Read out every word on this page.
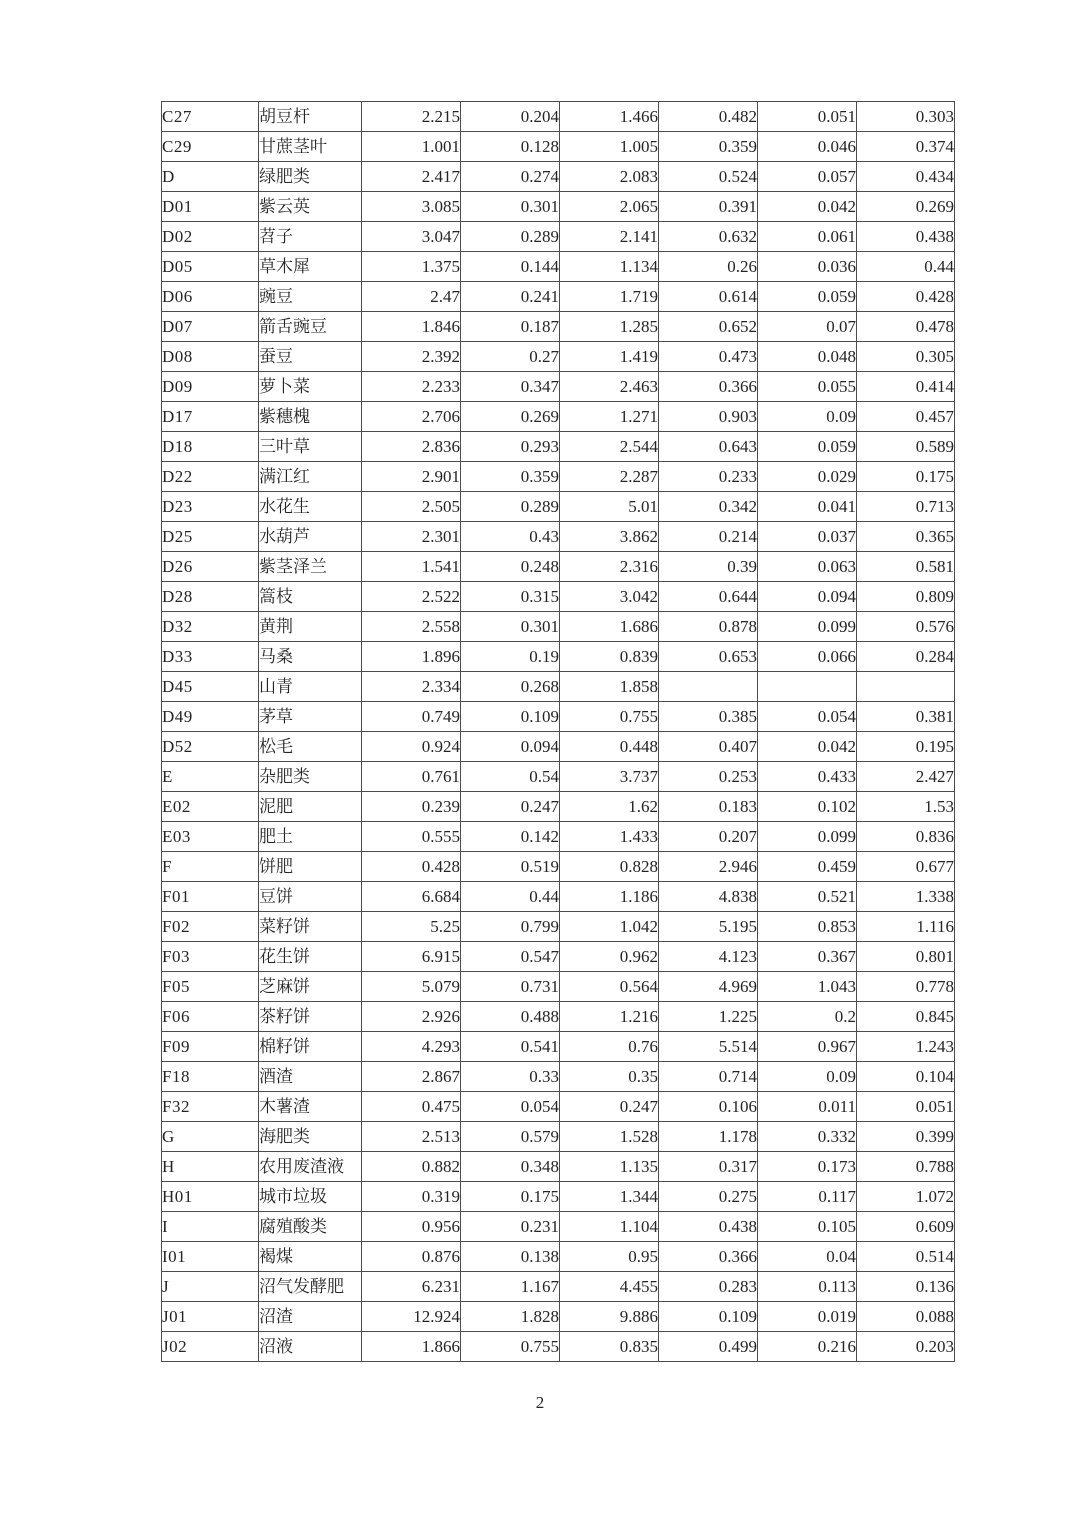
C27	胡豆杆	2.215	0.204	1.466	0.482	0.051	0.303
C29	甘蔗茎叶	1.001	0.128	1.005	0.359	0.046	0.374
D	绿肥类	2.417	0.274	2.083	0.524	0.057	0.434
D01	紫云英	3.085	0.301	2.065	0.391	0.042	0.269
D02	苕子	3.047	0.289	2.141	0.632	0.061	0.438
D05	草木犀	1.375	0.144	1.134	0.26	0.036	0.44
D06	豌豆	2.47	0.241	1.719	0.614	0.059	0.428
D07	箭舌豌豆	1.846	0.187	1.285	0.652	0.07	0.478
D08	蚕豆	2.392	0.27	1.419	0.473	0.048	0.305
D09	萝卜菜	2.233	0.347	2.463	0.366	0.055	0.414
D17	紫穗槐	2.706	0.269	1.271	0.903	0.09	0.457
D18	三叶草	2.836	0.293	2.544	0.643	0.059	0.589
D22	满江红	2.901	0.359	2.287	0.233	0.029	0.175
D23	水花生	2.505	0.289	5.01	0.342	0.041	0.713
D25	水葫芦	2.301	0.43	3.862	0.214	0.037	0.365
D26	紫茎泽兰	1.541	0.248	2.316	0.39	0.063	0.581
D28	篙枝	2.522	0.315	3.042	0.644	0.094	0.809
D32	黄荆	2.558	0.301	1.686	0.878	0.099	0.576
D33	马桑	1.896	0.19	0.839	0.653	0.066	0.284
D45	山青	2.334	0.268	1.858			
D49	茅草	0.749	0.109	0.755	0.385	0.054	0.381
D52	松毛	0.924	0.094	0.448	0.407	0.042	0.195
E	杂肥类	0.761	0.54	3.737	0.253	0.433	2.427
E02	泥肥	0.239	0.247	1.62	0.183	0.102	1.53
E03	肥土	0.555	0.142	1.433	0.207	0.099	0.836
F	饼肥	0.428	0.519	0.828	2.946	0.459	0.677
F01	豆饼	6.684	0.44	1.186	4.838	0.521	1.338
F02	菜籽饼	5.25	0.799	1.042	5.195	0.853	1.116
F03	花生饼	6.915	0.547	0.962	4.123	0.367	0.801
F05	芝麻饼	5.079	0.731	0.564	4.969	1.043	0.778
F06	茶籽饼	2.926	0.488	1.216	1.225	0.2	0.845
F09	棉籽饼	4.293	0.541	0.76	5.514	0.967	1.243
F18	酒渣	2.867	0.33	0.35	0.714	0.09	0.104
F32	木薯渣	0.475	0.054	0.247	0.106	0.011	0.051
G	海肥类	2.513	0.579	1.528	1.178	0.332	0.399
H	农用废渣液	0.882	0.348	1.135	0.317	0.173	0.788
H01	城市垃圾	0.319	0.175	1.344	0.275	0.117	1.072
I	腐殖酸类	0.956	0.231	1.104	0.438	0.105	0.609
I01	褐煤	0.876	0.138	0.95	0.366	0.04	0.514
J	沼气发酵肥	6.231	1.167	4.455	0.283	0.113	0.136
J01	沼渣	12.924	1.828	9.886	0.109	0.019	0.088
J02	沼液	1.866	0.755	0.835	0.499	0.216	0.203
2
